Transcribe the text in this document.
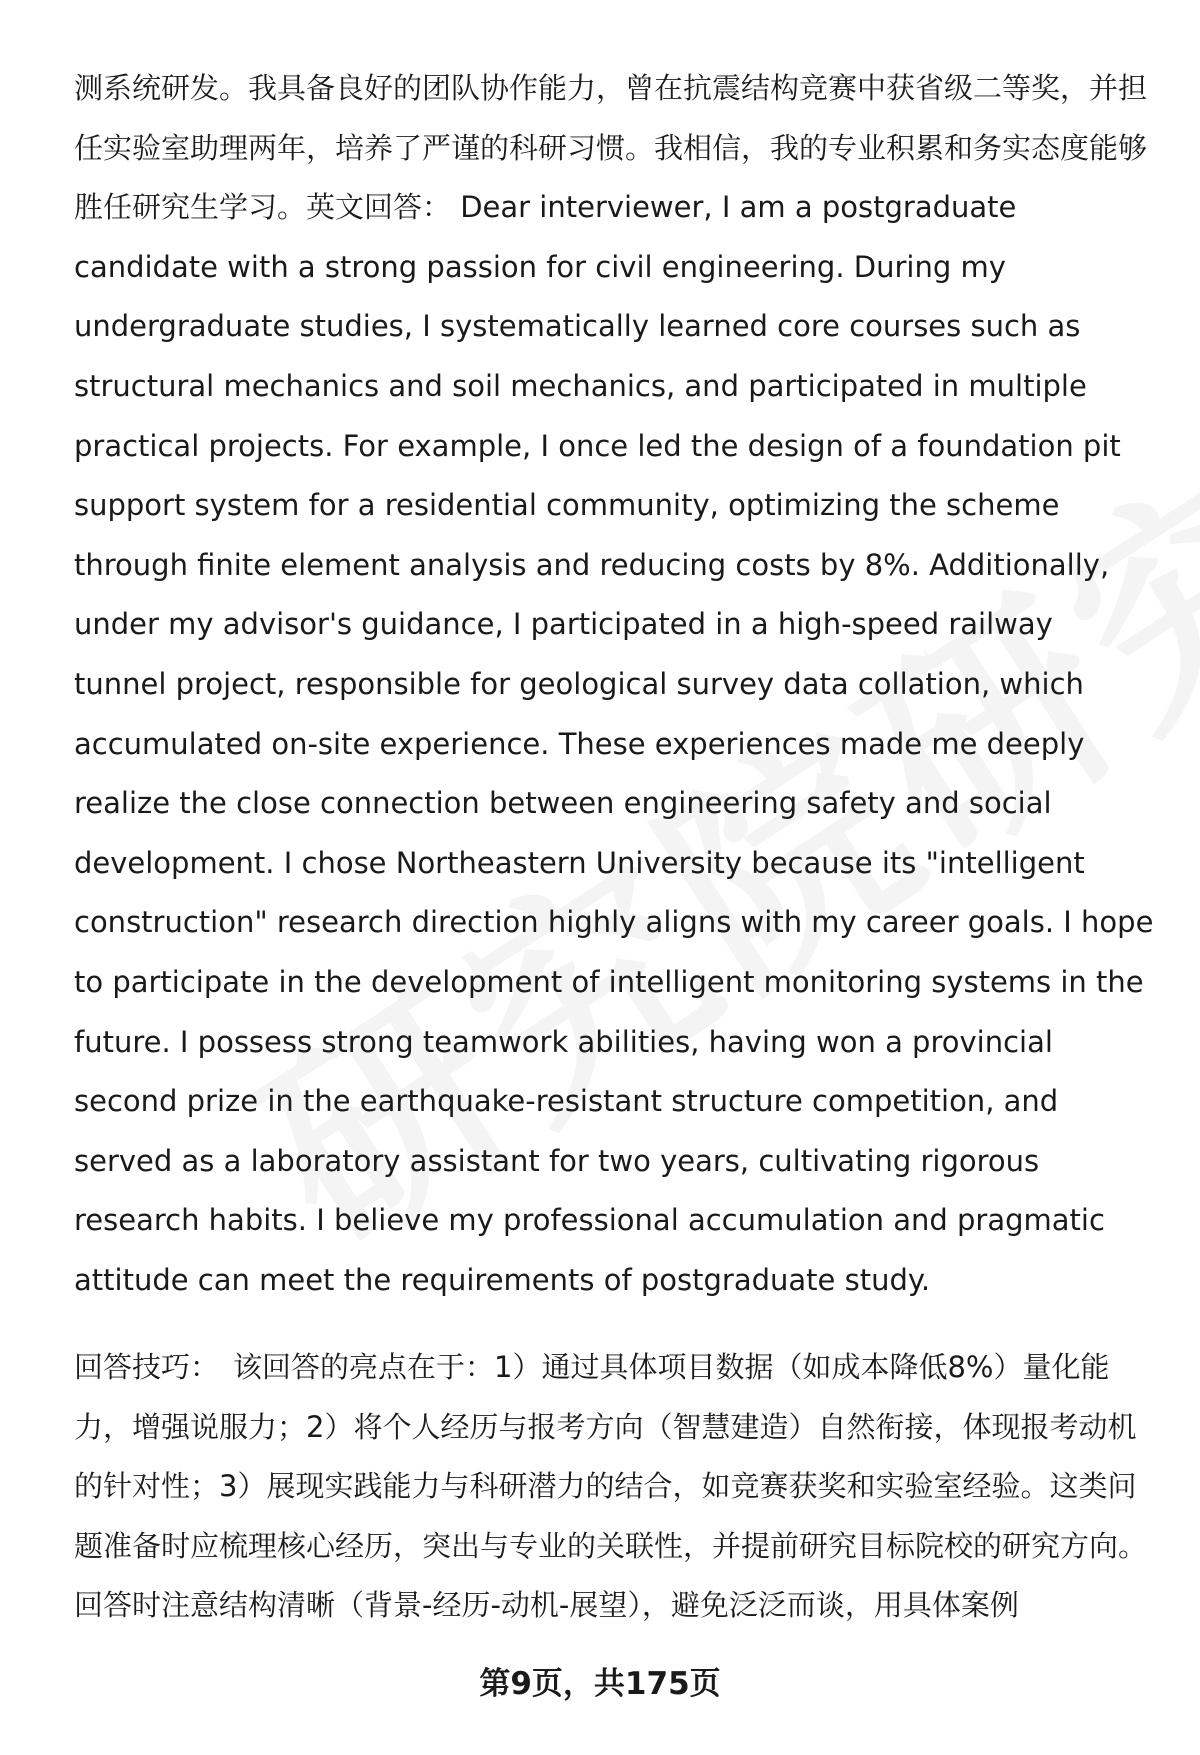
测系统研发。我具备良好的团队协作能力，曾在抗震结构竞赛中获省级二等奖，并担任实验室助理两年，培养了严谨的科研习惯。我相信，我的专业积累和务实态度能够胜任研究生学习。英文回答： Dear interviewer, I am a postgraduate candidate with a strong passion for civil engineering. During my undergraduate studies, I systematically learned core courses such as structural mechanics and soil mechanics, and participated in multiple practical projects. For example, I once led the design of a foundation pit support system for a residential community, optimizing the scheme through finite element analysis and reducing costs by 8%. Additionally, under my advisor's guidance, I participated in a high-speed railway tunnel project, responsible for geological survey data collation, which accumulated on-site experience. These experiences made me deeply realize the close connection between engineering safety and social development. I chose Northeastern University because its "intelligent construction" research direction highly aligns with my career goals. I hope to participate in the development of intelligent monitoring systems in the future. I possess strong teamwork abilities, having won a provincial second prize in the earthquake-resistant structure competition, and served as a laboratory assistant for two years, cultivating rigorous research habits. I believe my professional accumulation and pragmatic attitude can meet the requirements of postgraduate study.
回答技巧： 该回答的亮点在于：1）通过具体项目数据（如成本降低8%）量化能力，增强说服力；2）将个人经历与报考方向（智慧建造）自然衔接，体现报考动机的针对性；3）展现实践能力与科研潜力的结合，如竞赛获奖和实验室经验。这类问题准备时应梳理核心经历，突出与专业的关联性，并提前研究目标院校的研究方向。回答时注意结构清晰（背景-经历-动机-展望），避免泛泛而谈，用具体案例
第9页，共175页
